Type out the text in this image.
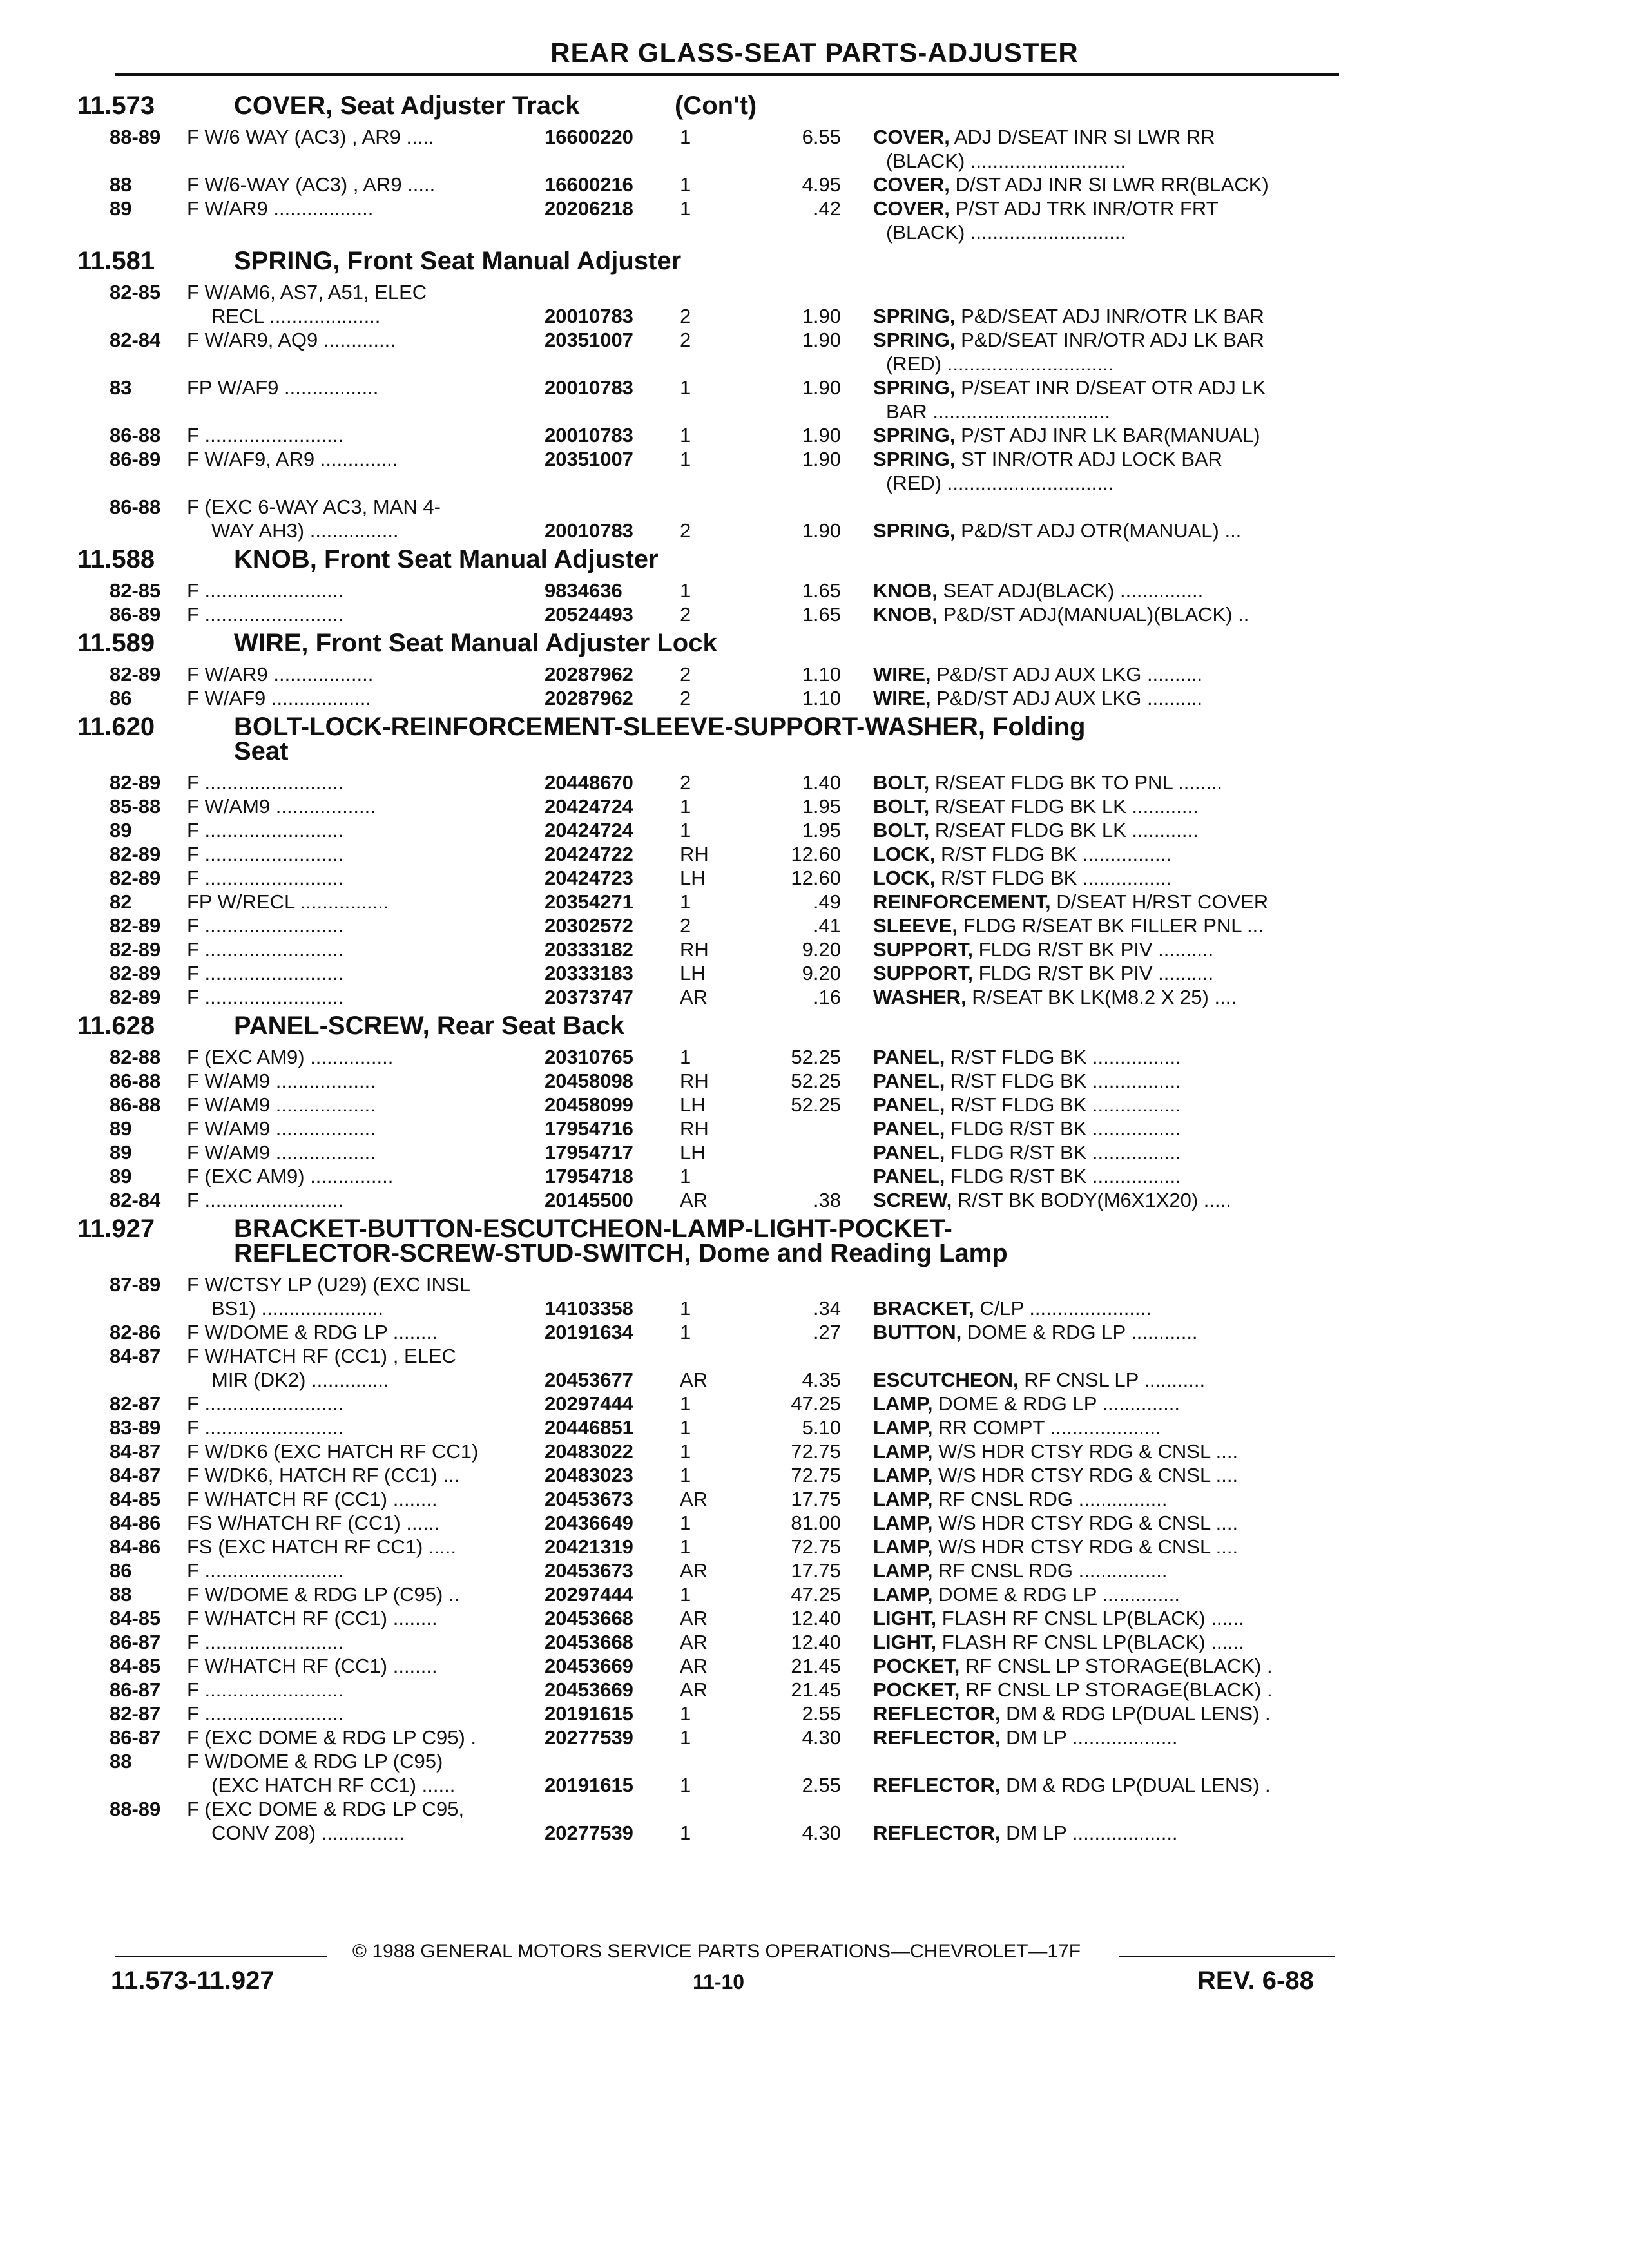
REAR GLASS-SEAT PARTS-ADJUSTER
11.573	COVER, Seat Adjuster Track	(Con't)
88-89 F W/6 WAY (AC3) , AR9 .....	16600220 1	6.55 COVER, ADJ D/SEAT INR SI LWR RR
(BLACK) ............................
88	F W/6-WAY (AC3) , AR9 .....	16600216 1	4.95 COVER, D/ST ADJ INR SI LWR RR(BLACK)
89	F W/AR9 ..................	20206218 1	.42 COVER, P/ST ADJ TRK INR/OTR FRT
(BLACK) ............................
11.581	SPRING, Front Seat Manual Adjuster
82-85 F W/AM6, AS7, A51, ELEC
RECL ....................	20010783 2	1.90 SPRING, P&D/SEAT ADJ INR/OTR LK BAR
82-84 F W/AR9, AQ9 .............	20351007 2	1.90 SPRING, P&D/SEAT INR/OTR ADJ LK BAR
(RED) ..............................
83	FP W/AF9 .................	20010783 1	1.90 SPRING, P/SEAT INR D/SEAT OTR ADJ LK
BAR ................................
86-88 F .........................	20010783 1	1.90 SPRING, P/ST ADJ INR LK BAR(MANUAL)
86-89 F W/AF9, AR9 ..............	20351007 1	1.90 SPRING, ST INR/OTR ADJ LOCK BAR
(RED) ..............................
86-88 F (EXC 6-WAY AC3, MAN 4-
WAY AH3) ................	20010783 2	1.90 SPRING, P&D/ST ADJ OTR(MANUAL) ...
11.588	KNOB, Front Seat Manual Adjuster
82-85 F .........................	9834636	1	1.65 KNOB, SEAT ADJ(BLACK) ...............
86-89 F .........................	20524493 2	1.65 KNOB, P&D/ST ADJ(MANUAL)(BLACK) ..
11.589	WIRE, Front Seat Manual Adjuster Lock
82-89 F W/AR9 ..................	20287962 2	1.10 WIRE, P&D/ST ADJ AUX LKG ..........
86	F W/AF9 ..................	20287962 2	1.10 WIRE, P&D/ST ADJ AUX LKG ..........
11.620	BOLT-LOCK-REINFORCEMENT-SLEEVE-SUPPORT-WASHER, Folding
Seat
82-89 F .........................	20448670 2	1.40 BOLT, R/SEAT FLDG BK TO PNL ........
85-88 F W/AM9 ..................	20424724 1	1.95 BOLT, R/SEAT FLDG BK LK ............
89	F .........................	20424724 1	1.95 BOLT, R/SEAT FLDG BK LK ............
82-89 F .........................	20424722 RH	12.60 LOCK, R/ST FLDG BK ................
82-89 F .........................	20424723 LH	12.60 LOCK, R/ST FLDG BK ................
82	FP W/RECL ................	20354271 1	.49 REINFORCEMENT, D/SEAT H/RST COVER
82-89 F .........................	20302572 2	.41 SLEEVE, FLDG R/SEAT BK FILLER PNL ...
82-89 F .........................	20333182 RH	9.20 SUPPORT, FLDG R/ST BK PIV ..........
82-89 F .........................	20333183 LH	9.20 SUPPORT, FLDG R/ST BK PIV ..........
82-89 F .........................	20373747 AR	.16 WASHER, R/SEAT BK LK(M8.2 X 25) ....
11.628	PANEL-SCREW, Rear Seat Back
82-88 F (EXC AM9) ...............	20310765 1	52.25 PANEL, R/ST FLDG BK ................
86-88 F W/AM9 ..................	20458098 RH	52.25 PANEL, R/ST FLDG BK ................
86-88 F W/AM9 ..................	20458099 LH	52.25 PANEL, R/ST FLDG BK ................
89	F W/AM9 ..................	17954716 RH	PANEL, FLDG R/ST BK ................
89	F W/AM9 ..................	17954717 LH	PANEL, FLDG R/ST BK ................
89	F (EXC AM9) ...............	17954718 1	PANEL, FLDG R/ST BK ................
82-84 F .........................	20145500 AR	.38 SCREW, R/ST BK BODY(M6X1X20) .....
11.927	BRACKET-BUTTON-ESCUTCHEON-LAMP-LIGHT-POCKET-
REFLECTOR-SCREW-STUD-SWITCH, Dome and Reading Lamp
87-89 F W/CTSY LP (U29) (EXC INSL
BS1) ......................	14103358 1	.34 BRACKET, C/LP ......................
82-86 F W/DOME & RDG LP ........	20191634 1	.27 BUTTON, DOME & RDG LP ............
84-87 F W/HATCH RF (CC1) , ELEC
MIR (DK2) ..............	20453677 AR	4.35 ESCUTCHEON, RF CNSL LP ...........
82-87 F .........................	20297444 1	47.25 LAMP, DOME & RDG LP ..............
83-89 F .........................	20446851 1	5.10 LAMP, RR COMPT ....................
84-87 F W/DK6 (EXC HATCH RF CC1)	20483022 1	72.75 LAMP, W/S HDR CTSY RDG & CNSL ....
84-87 F W/DK6, HATCH RF (CC1) ...	20483023 1	72.75 LAMP, W/S HDR CTSY RDG & CNSL ....
84-85 F W/HATCH RF (CC1) ........	20453673 AR	17.75 LAMP, RF CNSL RDG ................
84-86 FS W/HATCH RF (CC1) ......	20436649 1	81.00 LAMP, W/S HDR CTSY RDG & CNSL ....
84-86 FS (EXC HATCH RF CC1) .....	20421319 1	72.75 LAMP, W/S HDR CTSY RDG & CNSL ....
86	F .........................	20453673 AR	17.75 LAMP, RF CNSL RDG ................
88	F W/DOME & RDG LP (C95) ..	20297444 1	47.25 LAMP, DOME & RDG LP ..............
84-85 F W/HATCH RF (CC1) ........	20453668 AR	12.40 LIGHT, FLASH RF CNSL LP(BLACK) ......
86-87 F .........................	20453668 AR	12.40 LIGHT, FLASH RF CNSL LP(BLACK) ......
84-85 F W/HATCH RF (CC1) ........	20453669 AR	21.45 POCKET, RF CNSL LP STORAGE(BLACK) .
86-87 F .........................	20453669 AR	21.45 POCKET, RF CNSL LP STORAGE(BLACK) .
82-87 F .........................	20191615 1	2.55 REFLECTOR, DM & RDG LP(DUAL LENS) .
86-87 F (EXC DOME & RDG LP C95) .	20277539 1	4.30 REFLECTOR, DM LP ...................
88	F W/DOME & RDG LP (C95)
(EXC HATCH RF CC1) ......	20191615 1	2.55 REFLECTOR, DM & RDG LP(DUAL LENS) .
88-89 F (EXC DOME & RDG LP C95,
CONV Z08) ...............	20277539 1	4.30 REFLECTOR, DM LP ...................
© 1988 GENERAL MOTORS SERVICE PARTS OPERATIONS—CHEVROLET—17F
11.573-11.927	11-10	REV. 6-88
